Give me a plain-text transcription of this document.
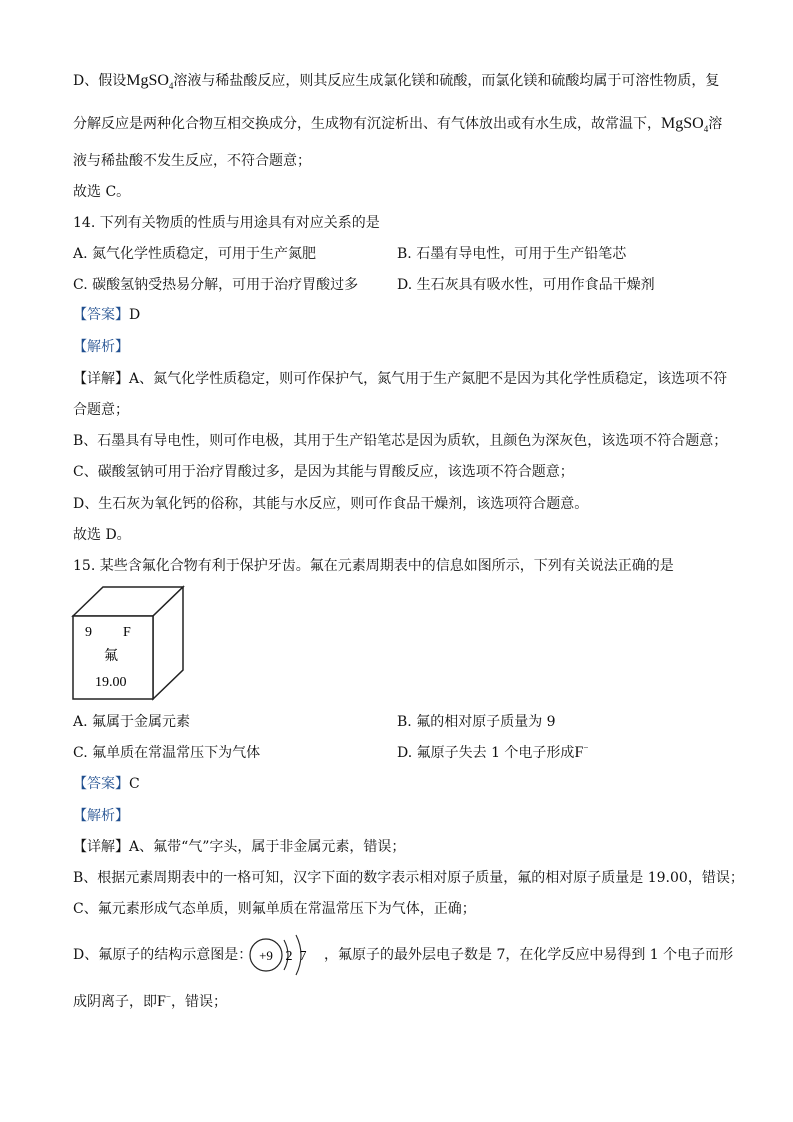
D、假设MgSO$_4$溶液与稀盐酸反应，则其反应生成氯化镁和硫酸，而氯化镁和硫酸均属于可溶性物质，复
分解反应是两种化合物互相交换成分，生成物有沉淀析出、有气体放出或有水生成，故常温下，MgSO$_4$溶
液与稀盐酸不发生反应，不符合题意；
故选 C。
14. 下列有关物质的性质与用途具有对应关系的是
A. 氮气化学性质稳定，可用于生产氮肥	B. 石墨有导电性，可用于生产铅笔芯
C. 碳酸氢钠受热易分解，可用于治疗胃酸过多	D. 生石灰具有吸水性，可用作食品干燥剂
【答案】D
【解析】
【详解】A、氮气化学性质稳定，则可作保护气，氮气用于生产氮肥不是因为其化学性质稳定，该选项不符
合题意；
B、石墨具有导电性，则可作电极，其用于生产铅笔芯是因为质软，且颜色为深灰色，该选项不符合题意；
C、碳酸氢钠可用于治疗胃酸过多，是因为其能与胃酸反应，该选项不符合题意；
D、生石灰为氧化钙的俗称，其能与水反应，则可作食品干燥剂，该选项符合题意。
故选 D。
15. 某些含氟化合物有利于保护牙齿。氟在元素周期表中的信息如图所示，下列有关说法正确的是
9 F
氟
19.00
A. 氟属于金属元素	B. 氟的相对原子质量为 9
C. 氟单质在常温常压下为气体	D. 氟原子失去 1 个电子形成F−
【答案】C
【解析】
【详解】A、氟带“气”字头，属于非金属元素，错误；
B、根据元素周期表中的一格可知，汉字下面的数字表示相对原子质量，氟的相对原子质量是 19.00，错误；
C、氟元素形成气态单质，则氟单质在常温常压下为气体，正确；
D、氟原子的结构示意图是： +9 2 7 ，氟原子的最外层电子数是 7，在化学反应中易得到 1 个电子而形
成阴离子，即F−，错误；
